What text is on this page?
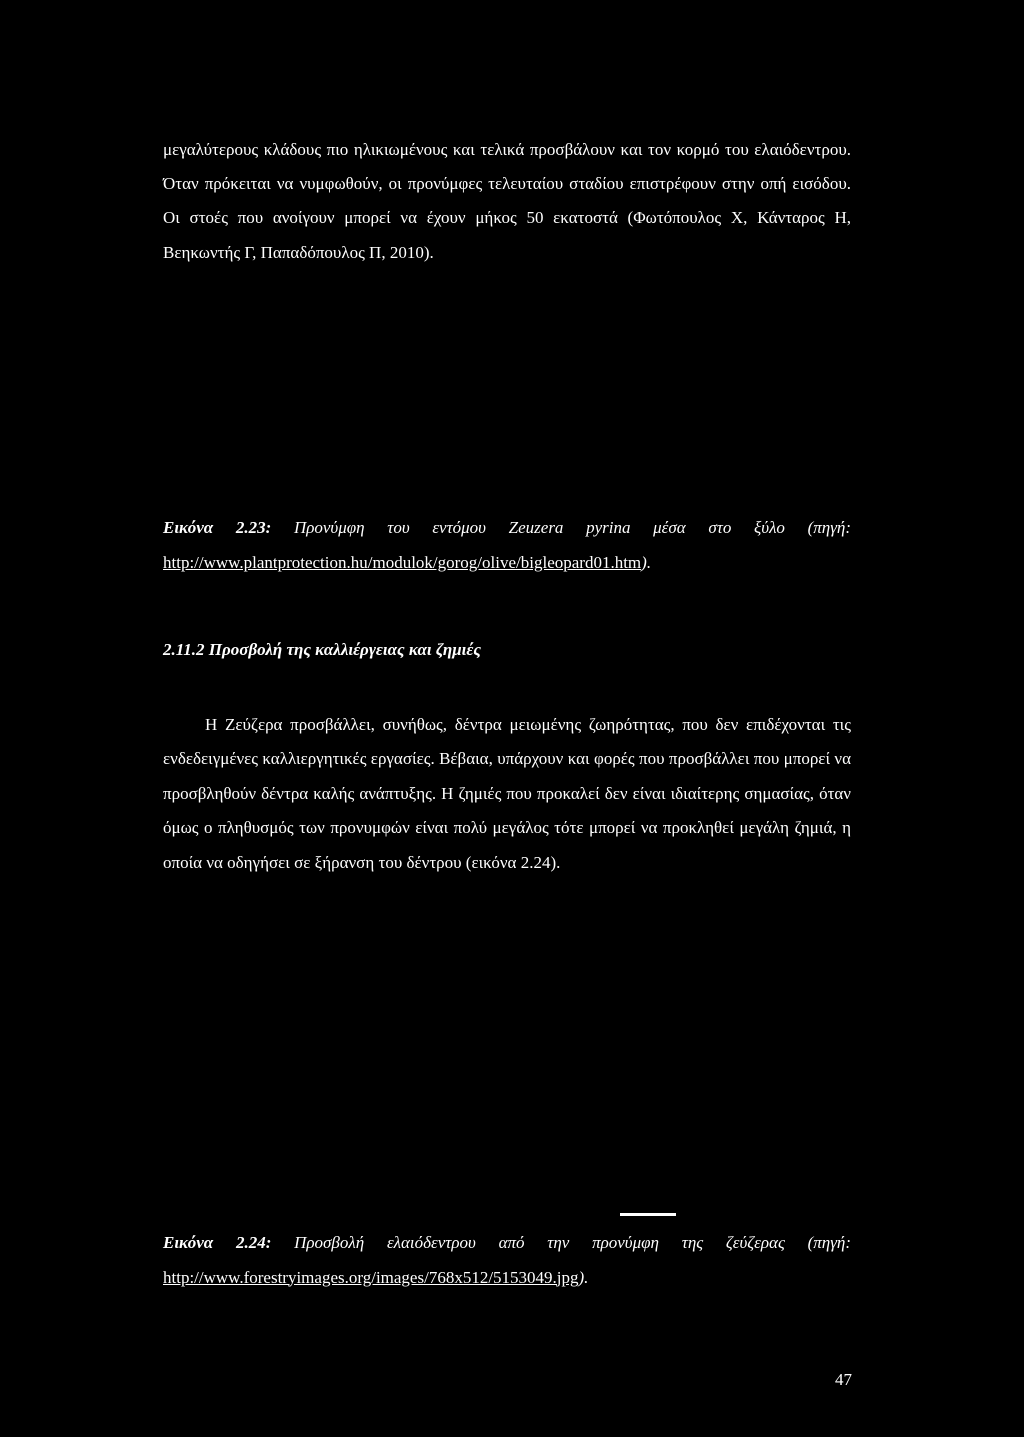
μεγαλύτερους κλάδους πιο ηλικιωμένους και τελικά προσβάλουν και τον κορμό του ελαιόδεντρου. Όταν πρόκειται να νυμφωθούν, οι προνύμφες τελευταίου σταδίου επιστρέφουν στην οπή εισόδου. Οι στοές που ανοίγουν μπορεί να έχουν μήκος 50 εκατοστά (Φωτόπουλος Χ, Κάνταρος Η, Βεηκωντής Γ, Παπαδόπουλος Π, 2010).

Εικόνα 2.23: Προνύμφη του εντόμου Zeuzera pyrina μέσα στο ξύλο (πηγή: http://www.plantprotection.hu/modulok/gorog/olive/bigleopard01.htm).

2.11.2 Προσβολή της καλλιέργειας και ζημιές

Η Ζεύζερα προσβάλλει, συνήθως, δέντρα μειωμένης ζωηρότητας, που δεν επιδέχονται τις ενδεδειγμένες καλλιεργητικές εργασίες. Βέβαια, υπάρχουν και φορές που προσβάλλει που μπορεί να προσβληθούν δέντρα καλής ανάπτυξης. Η ζημιές που προκαλεί δεν είναι ιδιαίτερης σημασίας, όταν όμως ο πληθυσμός των προνυμφών είναι πολύ μεγάλος τότε μπορεί να προκληθεί μεγάλη ζημιά, η οποία να οδηγήσει σε ξήρανση του δέντρου (εικόνα 2.24).

Εικόνα 2.24: Προσβολή ελαιόδεντρου από την προνύμφη της ζεύζερας (πηγή: http://www.forestryimages.org/images/768x512/5153049.jpg).

47
